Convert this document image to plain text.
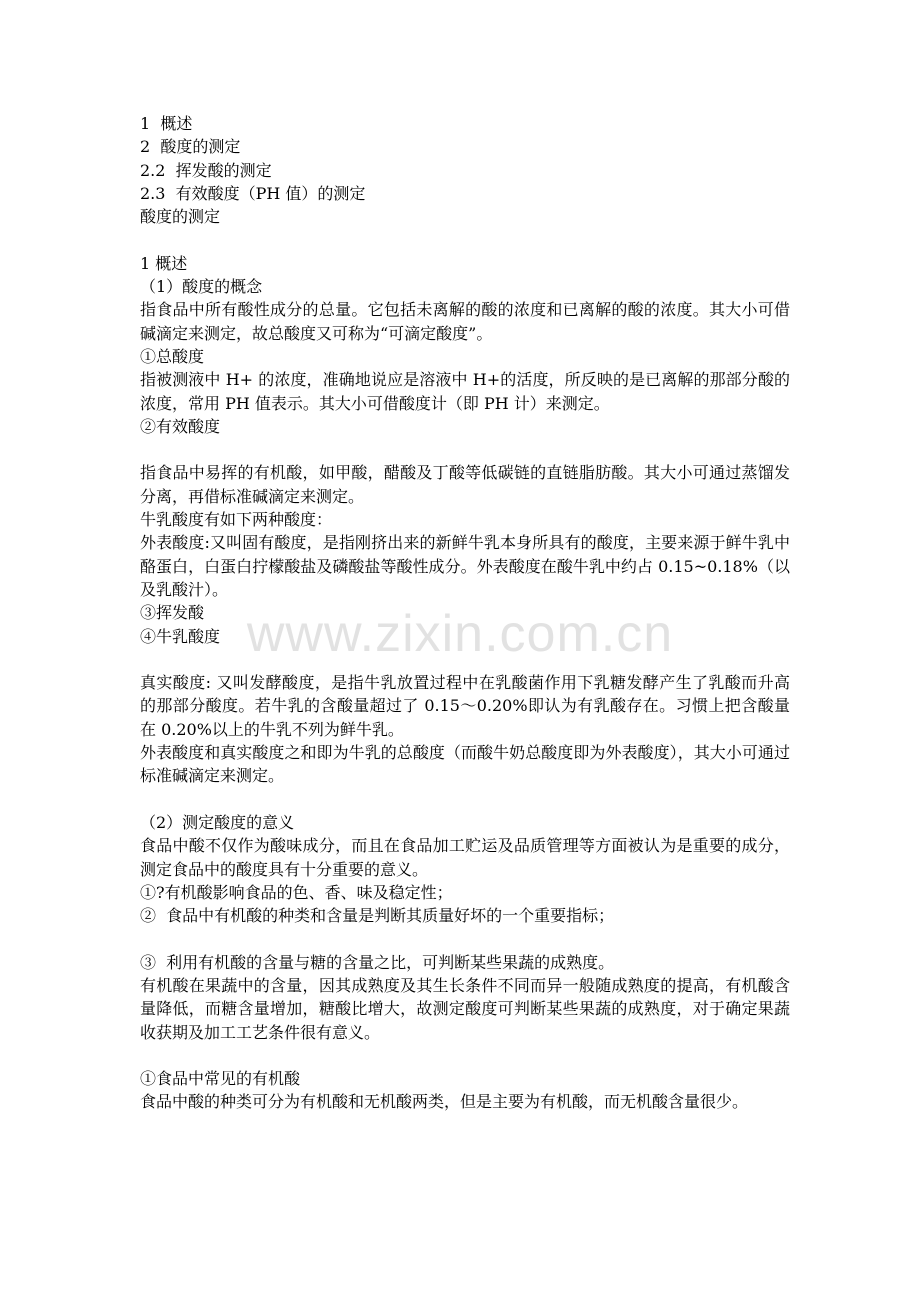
1  概述
2  酸度的测定
2.2  挥发酸的测定
2.3  有效酸度（PH 值）的测定
酸度的测定
1 概述
（1）酸度的概念
指食品中所有酸性成分的总量。它包括未离解的酸的浓度和已离解的酸的浓度。其大小可借碱滴定来测定，故总酸度又可称为“可滴定酸度”。
①总酸度
指被测液中 H+ 的浓度，准确地说应是溶液中 H+的活度，所反映的是已离解的那部分酸的浓度，常用 PH 值表示。其大小可借酸度计（即 PH 计）来测定。
②有效酸度
指食品中易挥的有机酸，如甲酸，醋酸及丁酸等低碳链的直链脂肪酸。其大小可通过蒸馏发分离，再借标准碱滴定来测定。
牛乳酸度有如下两种酸度：
外表酸度:又叫固有酸度，是指刚挤出来的新鲜牛乳本身所具有的酸度，主要来源于鲜牛乳中酪蛋白，白蛋白拧檬酸盐及磷酸盐等酸性成分。外表酸度在酸牛乳中约占 0.15~0.18%（以及乳酸汁）。
③挥发酸
④牛乳酸度
真实酸度: 又叫发酵酸度，是指牛乳放置过程中在乳酸菌作用下乳糖发酵产生了乳酸而升高的那部分酸度。若牛乳的含酸量超过了 0.15～0.20%即认为有乳酸存在。习惯上把含酸量在 0.20%以上的牛乳不列为鲜牛乳。
外表酸度和真实酸度之和即为牛乳的总酸度（而酸牛奶总酸度即为外表酸度），其大小可通过标准碱滴定来测定。
（2）测定酸度的意义
食品中酸不仅作为酸味成分，而且在食品加工贮运及品质管理等方面被认为是重要的成分，测定食品中的酸度具有十分重要的意义。
①?有机酸影响食品的色、香、味及稳定性；
②  食品中有机酸的种类和含量是判断其质量好坏的一个重要指标；
③  利用有机酸的含量与糖的含量之比，可判断某些果蔬的成熟度。
有机酸在果蔬中的含量，因其成熟度及其生长条件不同而异一般随成熟度的提高，有机酸含量降低，而糖含量增加，糖酸比增大，故测定酸度可判断某些果蔬的成熟度，对于确定果蔬收获期及加工工艺条件很有意义。
①食品中常见的有机酸
食品中酸的种类可分为有机酸和无机酸两类，但是主要为有机酸，而无机酸含量很少。
www.zixin.com.cn
